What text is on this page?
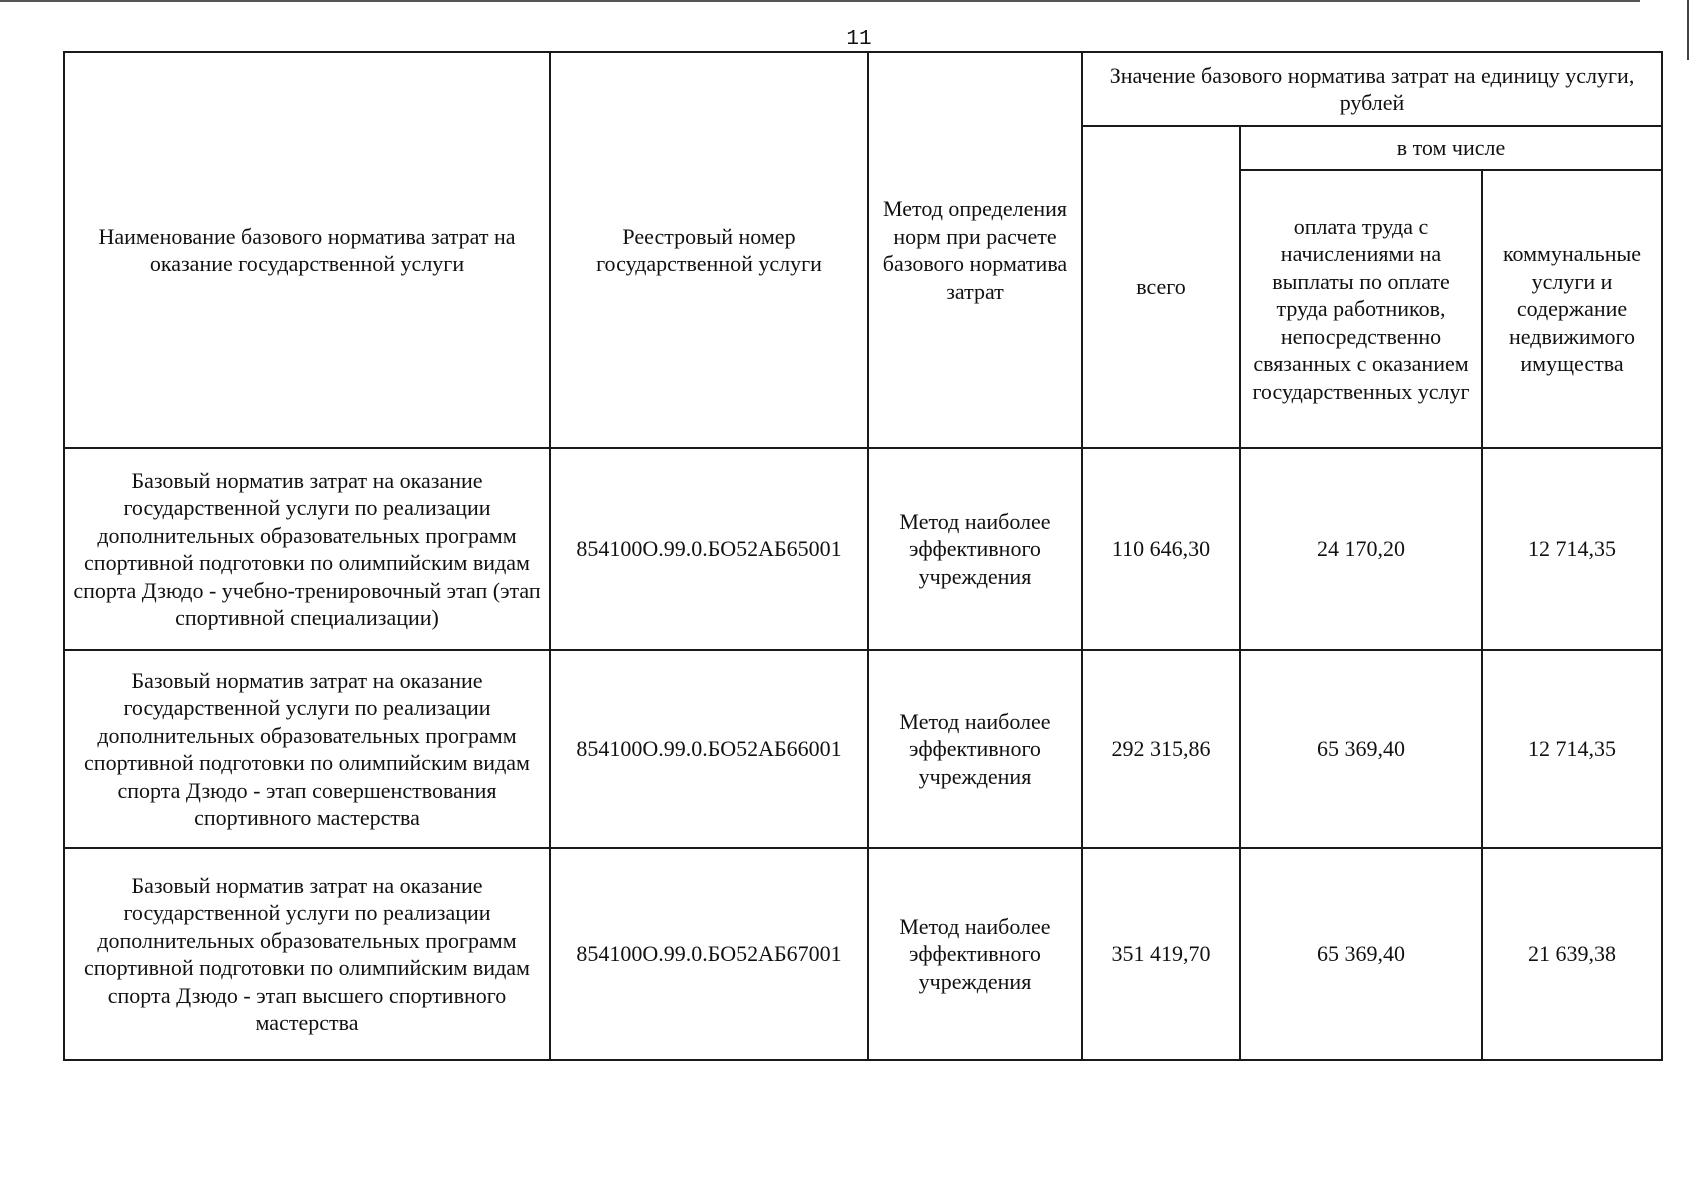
11
Наименование базового норматива затрат на оказание государственной услуги	Реестровый номер государственной услуги	Метод определения норм при расчете базового норматива затрат	Значение базового норматива затрат на единицу услуги, рублей		

			всего	в том числе	

				оплата труда с начислениями на выплаты по оплате труда работников, непосредственно связанных с оказанием государственных услуг	коммунальные услуги и содержание недвижимого имущества

Базовый норматив затрат на оказание государственной услуги по реализации дополнительных образовательных программ спортивной подготовки по олимпийским видам спорта Дзюдо - учебно-тренировочный этап (этап спортивной специализации)	854100О.99.0.БО52АБ65001	Метод наиболее эффективного учреждения	110 646,30	24 170,20	12 714,35
Базовый норматив затрат на оказание государственной услуги по реализации дополнительных образовательных программ спортивной подготовки по олимпийским видам спорта Дзюдо - этап совершенствования спортивного мастерства	854100О.99.0.БО52АБ66001	Метод наиболее эффективного учреждения	292 315,86	65 369,40	12 714,35
Базовый норматив затрат на оказание государственной услуги по реализации дополнительных образовательных программ спортивной подготовки по олимпийским видам спорта Дзюдо - этап высшего спортивного мастерства	854100О.99.0.БО52АБ67001	Метод наиболее эффективного учреждения	351 419,70	65 369,40	21 639,38
